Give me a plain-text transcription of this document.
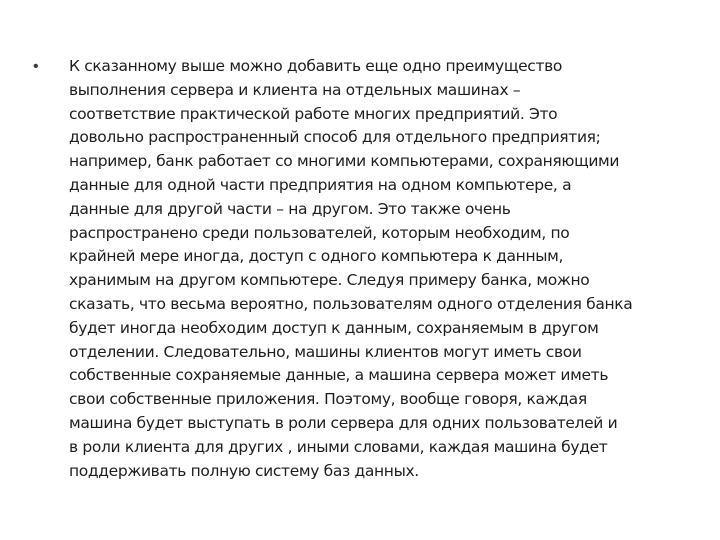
• К сказанному выше можно добавить еще одно преимущество
выполнения сервера и клиента на отдельных машинах –
соответствие практической работе многих предприятий. Это
довольно распространенный способ для отдельного предприятия;
например, банк работает со многими компьютерами, сохраняющими
данные для одной части предприятия на одном компьютере, а
данные для другой части – на другом. Это также очень
распространено среди пользователей, которым необходим, по
крайней мере иногда, доступ с одного компьютера к данным,
хранимым на другом компьютере. Следуя примеру банка, можно
сказать, что весьма вероятно, пользователям одного отделения банка
будет иногда необходим доступ к данным, сохраняемым в другом
отделении. Следовательно, машины клиентов могут иметь свои
собственные сохраняемые данные, а машина сервера может иметь
свои собственные приложения. Поэтому, вообще говоря, каждая
машина будет выступать в роли сервера для одних пользователей и
в роли клиента для других , иными словами, каждая машина будет
поддерживать полную систему баз данных.
